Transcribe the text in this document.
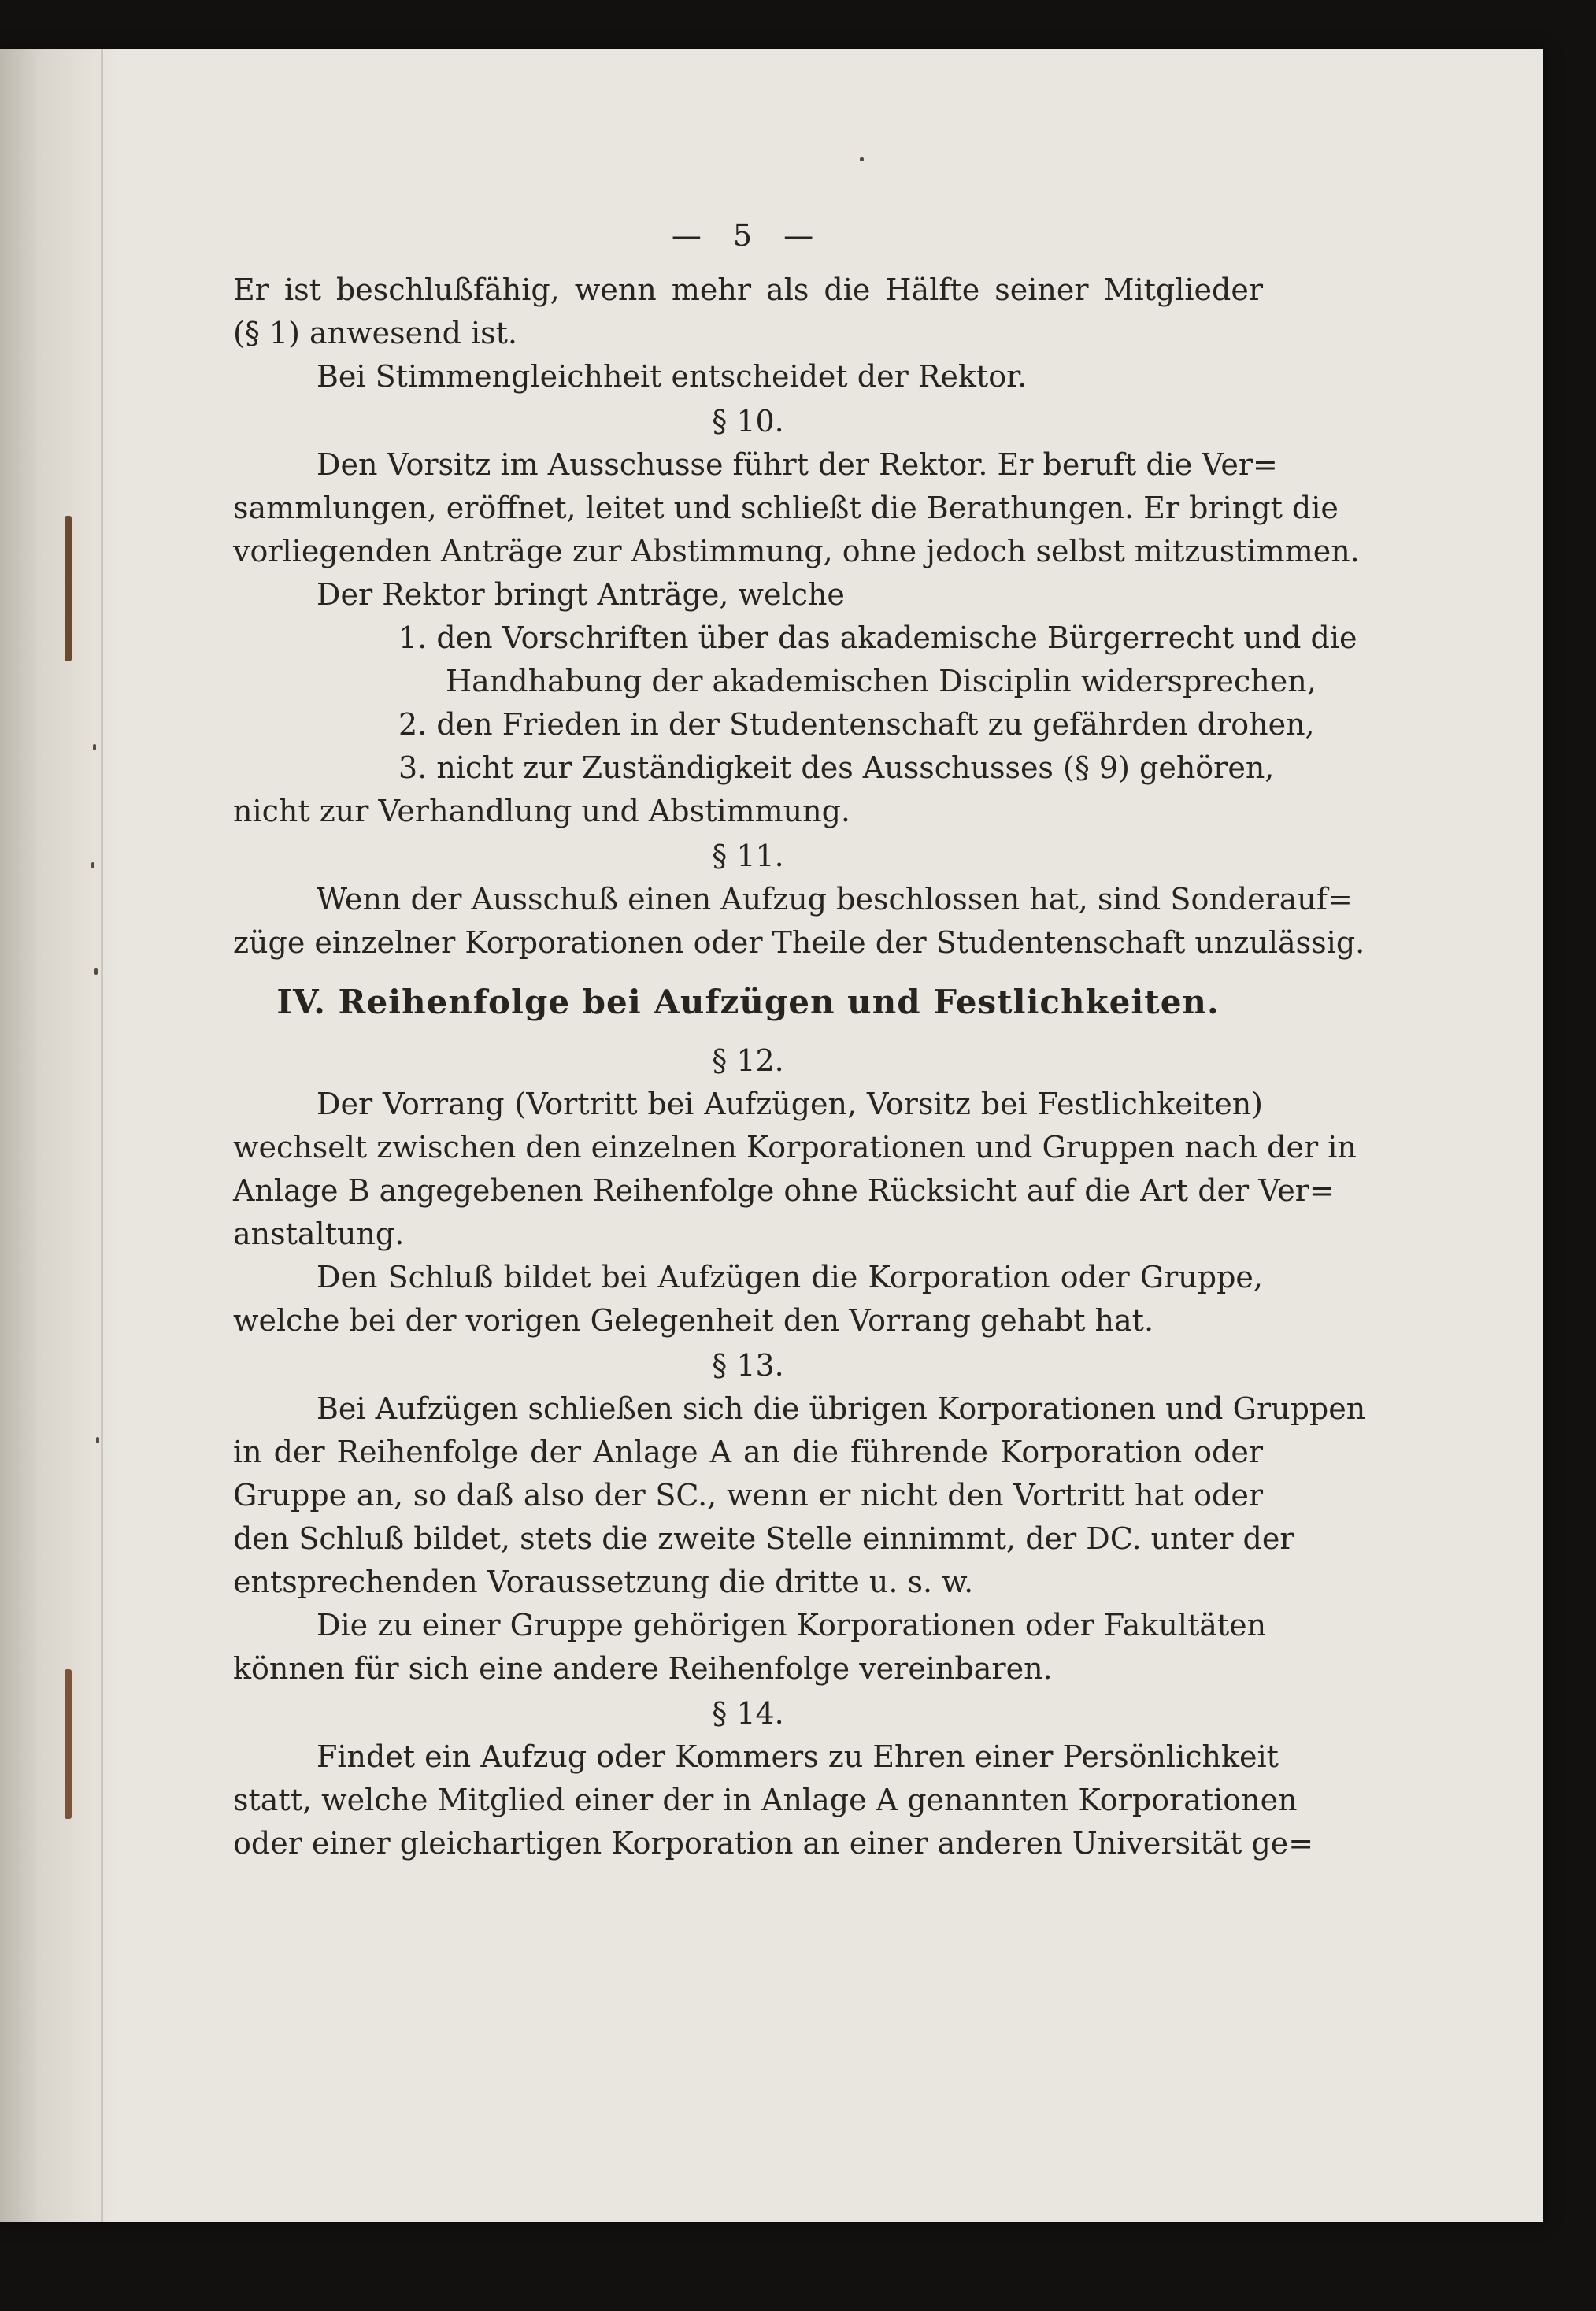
— 5 —
Er ist beschlußfähig, wenn mehr als die Hälfte seiner Mitglieder
(§ 1) anwesend ist.
Bei Stimmengleichheit entscheidet der Rektor.
§ 10.
Den Vorsitz im Ausschusse führt der Rektor. Er beruft die Ver=
sammlungen, eröffnet, leitet und schließt die Berathungen. Er bringt die
vorliegenden Anträge zur Abstimmung, ohne jedoch selbst mitzustimmen.
Der Rektor bringt Anträge, welche
1. den Vorschriften über das akademische Bürgerrecht und die
Handhabung der akademischen Disciplin widersprechen,
2. den Frieden in der Studentenschaft zu gefährden drohen,
3. nicht zur Zuständigkeit des Ausschusses (§ 9) gehören,
nicht zur Verhandlung und Abstimmung.
§ 11.
Wenn der Ausschuß einen Aufzug beschlossen hat, sind Sonderauf=
züge einzelner Korporationen oder Theile der Studentenschaft unzulässig.
IV. Reihenfolge bei Aufzügen und Festlichkeiten.
§ 12.
Der Vorrang (Vortritt bei Aufzügen, Vorsitz bei Festlichkeiten)
wechselt zwischen den einzelnen Korporationen und Gruppen nach der in
Anlage B angegebenen Reihenfolge ohne Rücksicht auf die Art der Ver=
anstaltung.
Den Schluß bildet bei Aufzügen die Korporation oder Gruppe,
welche bei der vorigen Gelegenheit den Vorrang gehabt hat.
§ 13.
Bei Aufzügen schließen sich die übrigen Korporationen und Gruppen
in der Reihenfolge der Anlage A an die führende Korporation oder
Gruppe an, so daß also der SC., wenn er nicht den Vortritt hat oder
den Schluß bildet, stets die zweite Stelle einnimmt, der DC. unter der
entsprechenden Voraussetzung die dritte u. s. w.
Die zu einer Gruppe gehörigen Korporationen oder Fakultäten
können für sich eine andere Reihenfolge vereinbaren.
§ 14.
Findet ein Aufzug oder Kommers zu Ehren einer Persönlichkeit
statt, welche Mitglied einer der in Anlage A genannten Korporationen
oder einer gleichartigen Korporation an einer anderen Universität ge=
